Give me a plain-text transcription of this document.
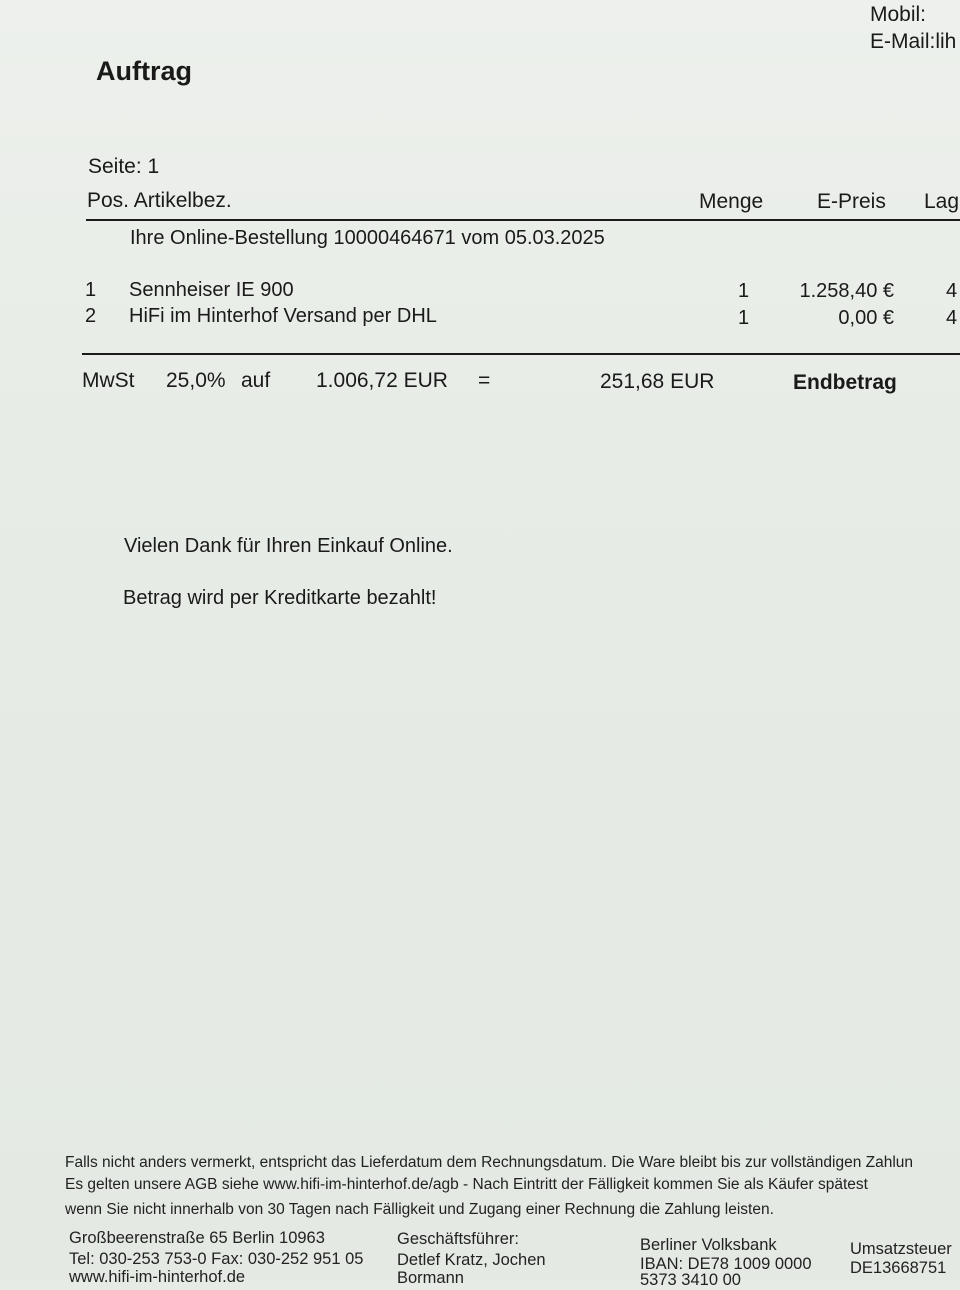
Mobil:
E-Mail:lih
Auftrag
Seite: 1
Pos. Artikelbez.	Menge	E-Preis Lag
Ihre Online-Bestellung 10000464671 vom 05.03.2025
1 Sennheiser IE 900	1	1.258,40 €	4
2 HiFi im Hinterhof Versand per DHL	1	0,00 €	4
MwSt 25,0% auf 1.006,72 EUR =	251,68 EUR	Endbetrag
Vielen Dank für Ihren Einkauf Online.
Betrag wird per Kreditkarte bezahlt!
Falls nicht anders vermerkt, entspricht das Lieferdatum dem Rechnungsdatum. Die Ware bleibt bis zur vollständigen Zahlun
Es gelten unsere AGB siehe www.hifi-im-hinterhof.de/agb - Nach Eintritt der Fälligkeit kommen Sie als Käufer spätest
wenn Sie nicht innerhalb von 30 Tagen nach Fälligkeit und Zugang einer Rechnung die Zahlung leisten.
Großbeerenstraße 65 Berlin 10963
Tel: 030-253 753-0 Fax: 030-252 951 05
www.hifi-im-hinterhof.de
Geschäftsführer:
Detlef Kratz, Jochen
Bormann
Berliner Volksbank
IBAN: DE78 1009 0000
5373 3410 00
Umsatzsteuer
DE13668751
